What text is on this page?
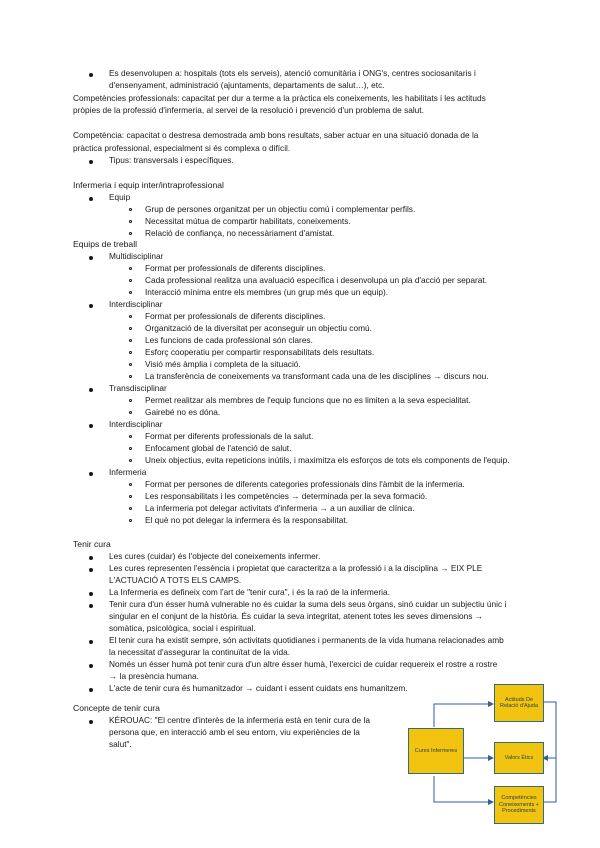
Es desenvolupen a: hospitals (tots els serveis), atenció comunitària i ONG's, centres sociosanitaris i
d'ensenyament, administració (ajuntaments, departaments de salut…), etc.
Competències professionals: capacitat per dur a terme a la pràctica els coneixements, les habilitats i les actituds
pròpies de la professió d'infermeria, al servei de la resolució i prevenció d'un problema de salut.
Competència: capacitat o destresa demostrada amb bons resultats, saber actuar en una situació donada de la
pràctica professional, especialment si és complexa o difícil.
Tipus: transversals i específiques.
Infermeria i equip inter/intraprofessional
Equip
Grup de persones organitzat per un objectiu comú i complementar perfils.
Necessitat mútua de compartir habilitats, coneixements.
Relació de confiança, no necessàriament d'amistat.
Equips de treball
Multidisciplinar
Format per professionals de diferents disciplines.
Cada professional realitza una avaluació específica i desenvolupa un pla d'acció per separat.
Interacció mínima entre els membres (un grup més que un equip).
Interdisciplinar
Format per professionals de diferents disciplines.
Organització de la diversitat per aconseguir un objectiu comú.
Les funcions de cada professional són clares.
Esforç cooperatiu per compartir responsabilitats dels resultats.
Visió més àmplia i completa de la situació.
La transferència de coneixements va transformant cada una de les disciplines → discurs nou.
Transdisciplinar
Permet realitzar als membres de l'equip funcions que no es limiten a la seva especialitat.
Gairebé no es dóna.
Interdisciplinar
Format per diferents professionals de la salut.
Enfocament global de l'atenció de salut.
Uneix objectius, evita repeticions inútils, i maximitza els esforços de tots els components de l'equip.
Infermeria
Format per persones de diferents categories professionals dins l'àmbit de la infermeria.
Les responsabilitats i les competències → determinada per la seva formació.
La infermeria pot delegar activitats d'infermeria → a un auxiliar de clínica.
El què no pot delegar la infermera és la responsabilitat.
Tenir cura
Les cures (cuidar) és l'objecte del coneixements infermer.
Les cures representen l'essència i propietat que caracteritza a la professió i a la disciplina → EIX PLE
L'ACTUACIÓ A TOTS ELS CAMPS.
La Infermeria es defineix com l'art de "tenir cura", i és la raó de la infermeria.
Tenir cura d'un ésser humà vulnerable no és cuidar la suma dels seus òrgans, sinó cuidar un subjectiu únic i
singular en el conjunt de la història. És cuidar la seva integritat, atenent totes les seves dimensions →
somàtica, psicològica, social i espiritual.
El tenir cura ha existit sempre, són activitats quotidianes i permanents de la vida humana relacionades amb
la necessitat d'assegurar la continuïtat de la vida.
Només un ésser humà pot tenir cura d'un altre ésser humà, l'exercici de cuidar requereix el rostre a rostre
→ la presència humana.
L'acte de tenir cura és humanitzador → cuidant i essent cuidats ens humanitzem.
Concepte de tenir cura
KÉROUAC: "El centre d'interès de la infermeria està en tenir cura de la
persona que, en interacció amb el seu entorn, viu experiències de la
salut".
Cures Infermeres
Actituds De Relació d'Ajuda
Valors Ètics
Competències Coneixements + Procediments
